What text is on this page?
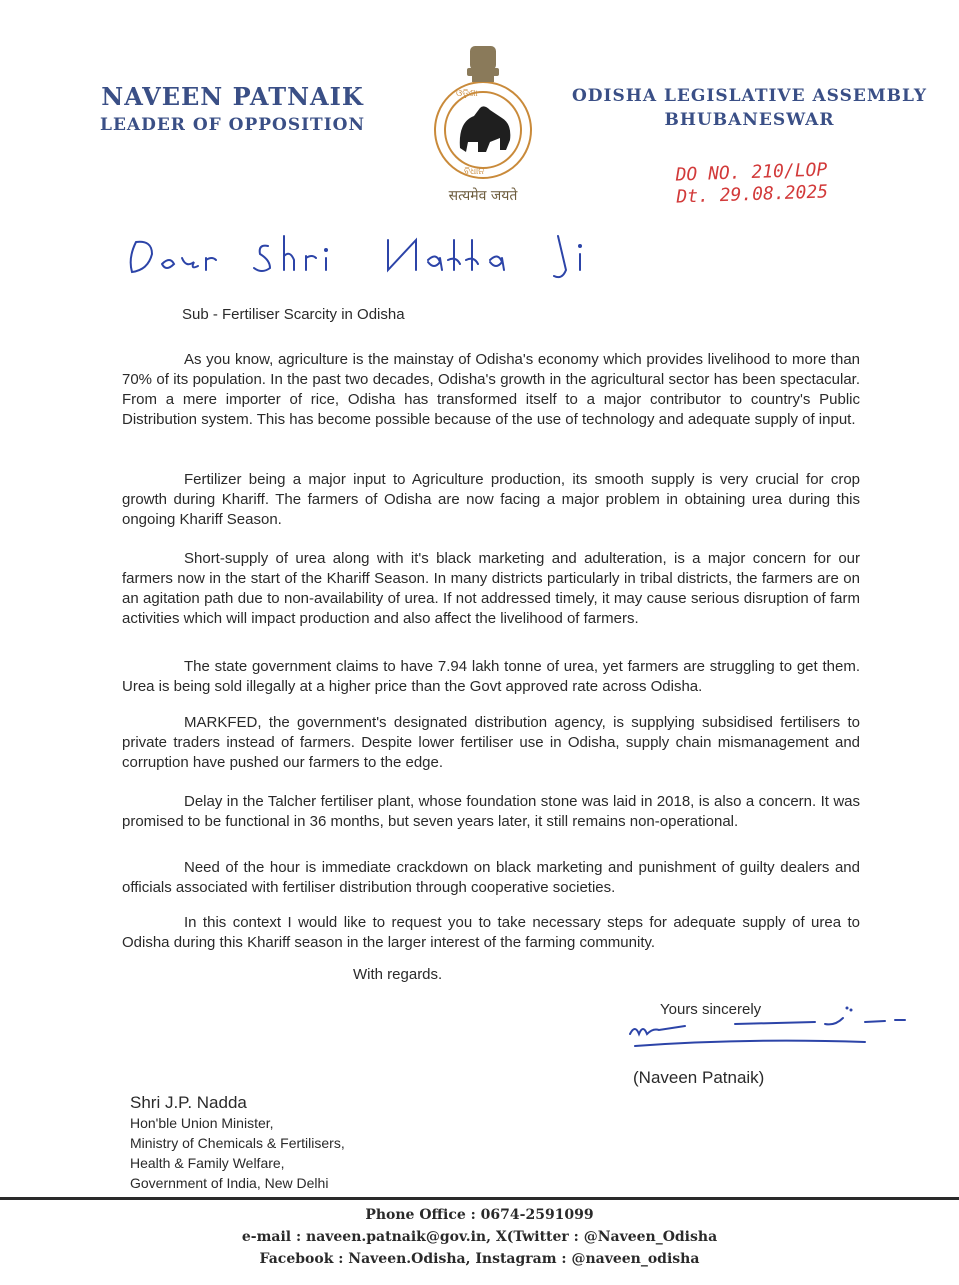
NAVEEN PATNAIK
LEADER OF OPPOSITION
ଓଡ଼ିଶା
ବିଧାନ
सत्यमेव जयते
ODISHA LEGISLATIVE ASSEMBLY
BHUBANESWAR
DO NO. 210/LOP
Dt. 29.08.2025
Sub - Fertiliser Scarcity in Odisha
As you know, agriculture is the mainstay of Odisha's economy which provides livelihood to more than 70% of its population. In the past two decades, Odisha's growth in the agricultural sector has been spectacular. From a mere importer of rice, Odisha has transformed itself to a major contributor to country's Public Distribution system. This has become possible because of the use of technology and adequate supply of input.
Fertilizer being a major input to Agriculture production, its smooth supply is very crucial for crop growth during Khariff. The farmers of Odisha are now facing a major problem in obtaining urea during this ongoing Khariff Season.
Short-supply of urea along with it's black marketing and adulteration, is a major concern for our farmers now in the start of the Khariff Season. In many districts particularly in tribal districts, the farmers are on an agitation path due to non-availability of urea. If not addressed timely, it may cause serious disruption of farm activities which will impact production and also affect the livelihood of farmers.
The state government claims to have 7.94 lakh tonne of urea, yet farmers are struggling to get them. Urea is being sold illegally at a higher price than the Govt approved rate across Odisha.
MARKFED, the government's designated distribution agency, is supplying subsidised fertilisers to private traders instead of farmers. Despite lower fertiliser use in Odisha, supply chain mismanagement and corruption have pushed our farmers to the edge.
Delay in the Talcher fertiliser plant, whose foundation stone was laid in 2018, is also a concern. It was promised to be functional in 36 months, but seven years later, it still remains non-operational.
Need of the hour is immediate crackdown on black marketing and punishment of guilty dealers and officials associated with fertiliser distribution through cooperative societies.
In this context I would like to request you to take necessary steps for adequate supply of urea to Odisha during this Khariff season in the larger interest of the farming community.
With regards.
Yours sincerely
(Naveen Patnaik)
Shri J.P. Nadda
Hon'ble Union Minister,
Ministry of Chemicals & Fertilisers,
Health & Family Welfare,
Government of India, New Delhi
Phone Office : 0674-2591099
e-mail : naveen.patnaik@gov.in, X(Twitter : @Naveen_Odisha
Facebook : Naveen.Odisha, Instagram : @naveen_odisha
